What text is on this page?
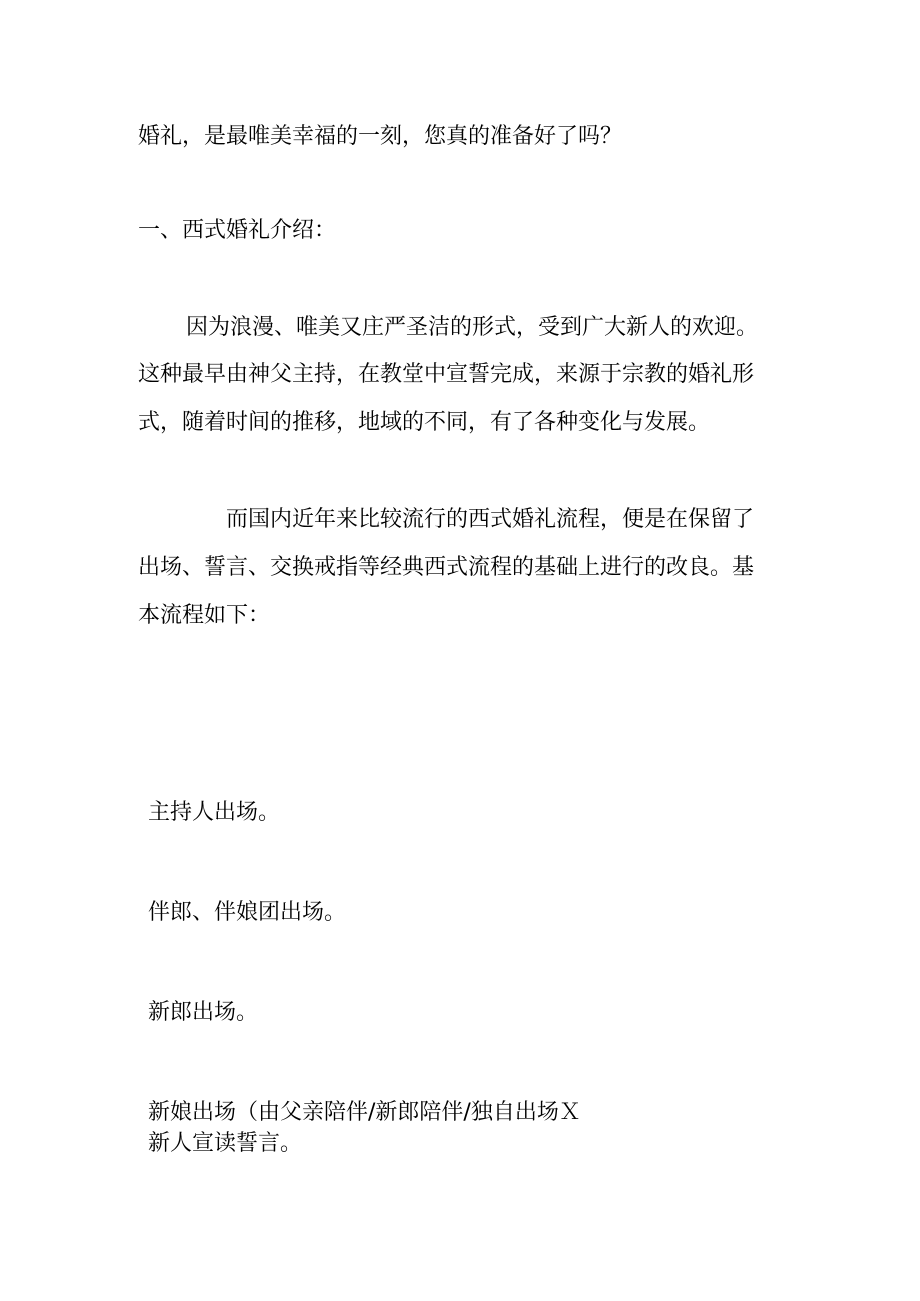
婚礼，是最唯美幸福的一刻，您真的准备好了吗？

一、西式婚礼介绍：

因为浪漫、唯美又庄严圣洁的形式，受到广大新人的欢迎。

这种最早由神父主持，在教堂中宣誓完成，来源于宗教的婚礼形

式，随着时间的推移，地域的不同，有了各种变化与发展。

而国内近年来比较流行的西式婚礼流程，便是在保留了

出场、誓言、交换戒指等经典西式流程的基础上进行的改良。基

本流程如下：

主持人出场。

伴郎、伴娘团出场。

新郎出场。

新娘出场（由父亲陪伴/新郎陪伴/独自出场Ｘ

新人宣读誓言。
